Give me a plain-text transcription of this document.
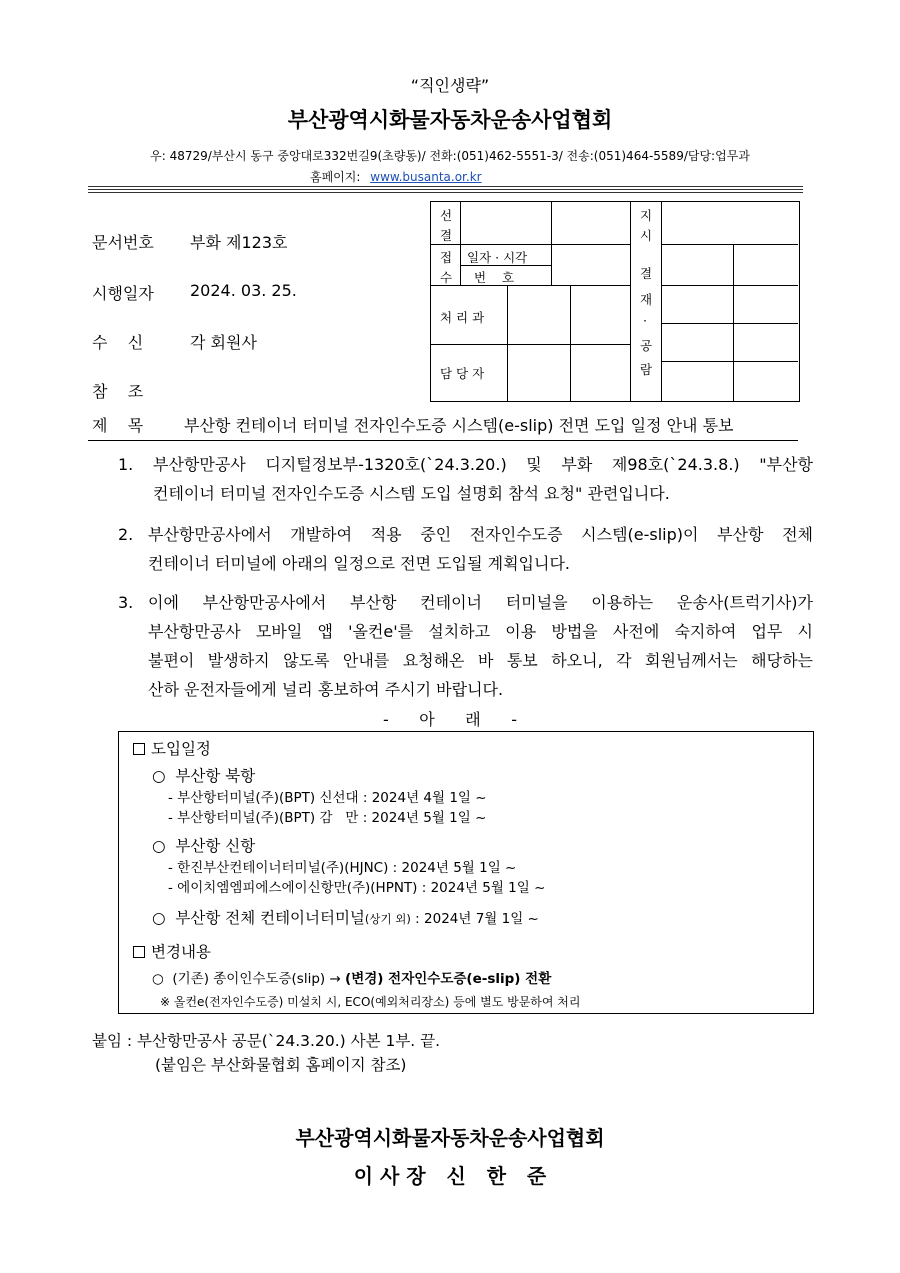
“직인생략”
부산광역시화물자동차운송사업협회
우: 48729/부산시 동구 중앙대로332번길9(초량동)/ 전화:(051)462-5551-3/ 전송:(051)464-5589/담당:업무과
홈페이지: www.busanta.or.kr
문서번호 부화 제123호
시행일자 2024. 03. 25.
수    신	각 회원사
참    조
제    목	부산항 컨테이너 터미널 전자인수도증 시스템(e-slip) 전면 도입 일정 안내 통보
선
결
지
시
접
수
일자 · 시각
번    호
처 리 과
담 당 자
결
재
·
공
람
1. 부산항만공사 디지털정보부-1320호(`24.3.20.) 및 부화 제98호(`24.3.8.) "부산항
컨테이너 터미널 전자인수도증 시스템 도입 설명회 참석 요청" 관련입니다.
2. 부산항만공사에서 개발하여 적용 중인 전자인수도증 시스템(e-slip)이 부산항 전체
컨테이너 터미널에 아래의 일정으로 전면 도입될 계획입니다.
3. 이에 부산항만공사에서 부산항 컨테이너 터미널을 이용하는 운송사(트럭기사)가
부산항만공사 모바일 앱 '올컨e'를 설치하고 이용 방법을 사전에 숙지하여 업무 시
불편이 발생하지 않도록 안내를 요청해온 바 통보 하오니, 각 회원님께서는 해당하는
산하 운전자들에게 널리 홍보하여 주시기 바랍니다.
-      아      래      -
도입일정
○  부산항 북항
- 부산항터미널(주)(BPT) 신선대 : 2024년 4월 1일 ~
- 부산항터미널(주)(BPT) 감   만 : 2024년 5월 1일 ~
○  부산항 신항
- 한진부산컨테이너터미널(주)(HJNC) : 2024년 5월 1일 ~
- 에이치엠엠피에스에이신항만(주)(HPNT) : 2024년 5월 1일 ~
○  부산항 전체 컨테이너터미널(상기 외) : 2024년 7월 1일 ~
변경내용
○  (기존) 종이인수도증(slip) → (변경) 전자인수도증(e-slip) 전환
※ 올컨e(전자인수도증) 미설치 시, ECO(예외처리장소) 등에 별도 방문하여 처리
붙임 : 부산항만공사 공문(`24.3.20.) 사본 1부. 끝.
(붙임은 부산화물협회 홈페이지 참조)
부산광역시화물자동차운송사업협회
이 사 장   신   한   준
